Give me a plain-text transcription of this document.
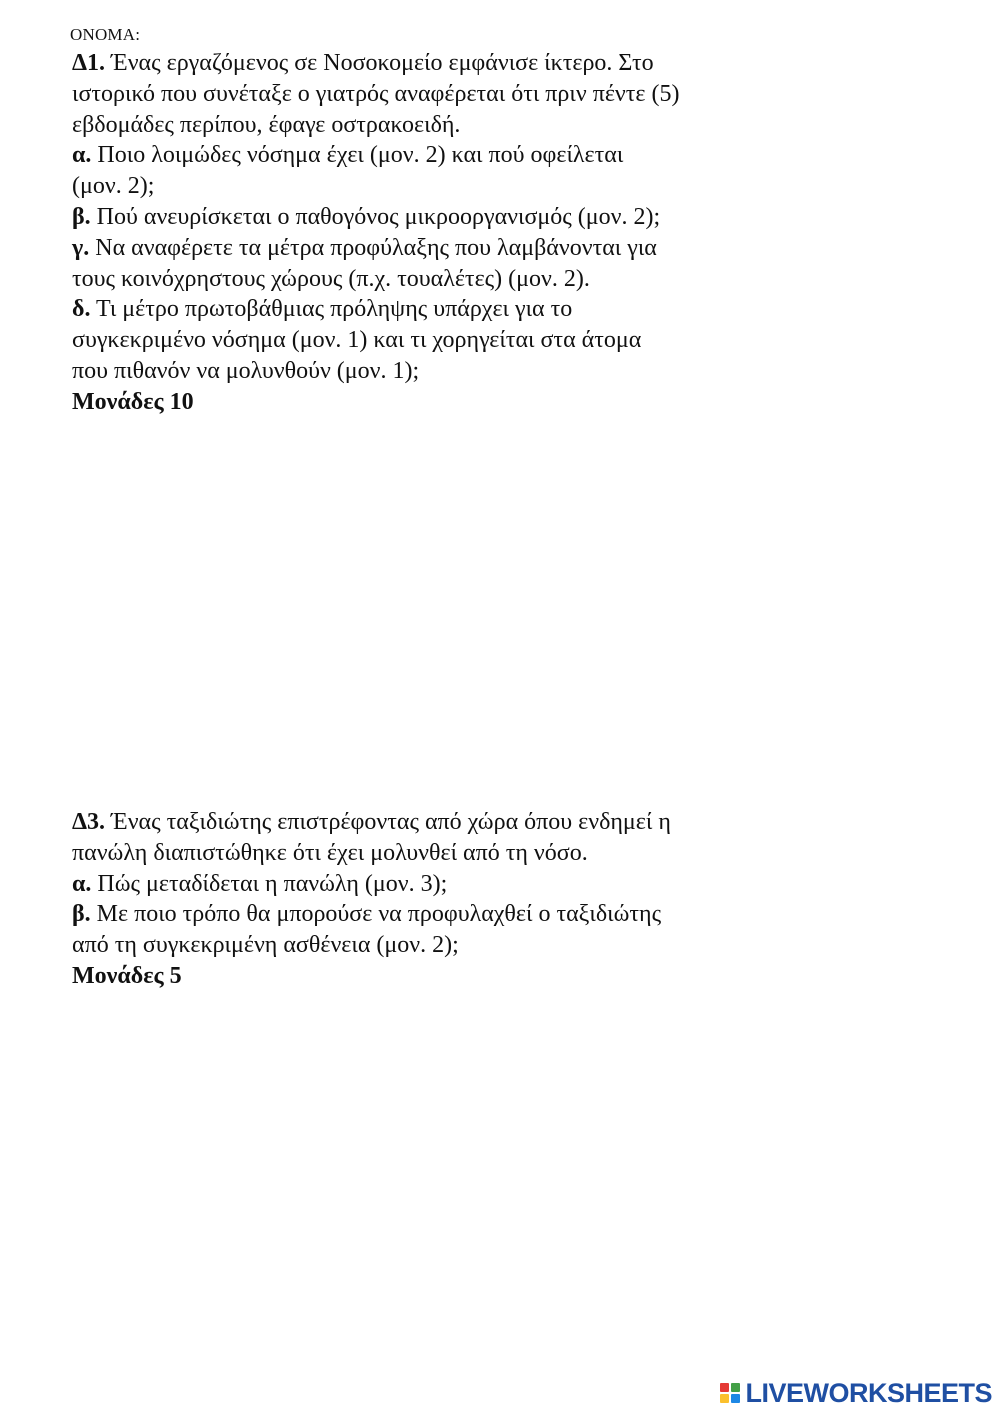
ΟΝΟΜΑ:

Δ1. Ένας εργαζόμενος σε Νοσοκομείο εμφάνισε ίκτερο. Στο

ιστορικό που συνέταξε ο γιατρός αναφέρεται ότι πριν πέντε (5)

εβδομάδες περίπου, έφαγε οστρακοειδή.

α. Ποιο λοιμώδες νόσημα έχει (μον. 2) και πού οφείλεται

(μον. 2);

β. Πού ανευρίσκεται ο παθογόνος μικροοργανισμός (μον. 2);

γ. Να αναφέρετε τα μέτρα προφύλαξης που λαμβάνονται για

τους κοινόχρηστους χώρους (π.χ. τουαλέτες) (μον. 2).

δ. Τι μέτρο πρωτοβάθμιας πρόληψης υπάρχει για το

συγκεκριμένο νόσημα (μον. 1) και τι χορηγείται στα άτομα

που πιθανόν να μολυνθούν (μον. 1);

Μονάδες 10

Δ3. Ένας ταξιδιώτης επιστρέφοντας από χώρα όπου ενδημεί η

πανώλη διαπιστώθηκε ότι έχει μολυνθεί από τη νόσο.

α. Πώς μεταδίδεται η πανώλη (μον. 3);

β. Με ποιο τρόπο θα μπορούσε να προφυλαχθεί ο ταξιδιώτης

από τη συγκεκριμένη ασθένεια (μον. 2);

Μονάδες 5

LIVEWORKSHEETS
